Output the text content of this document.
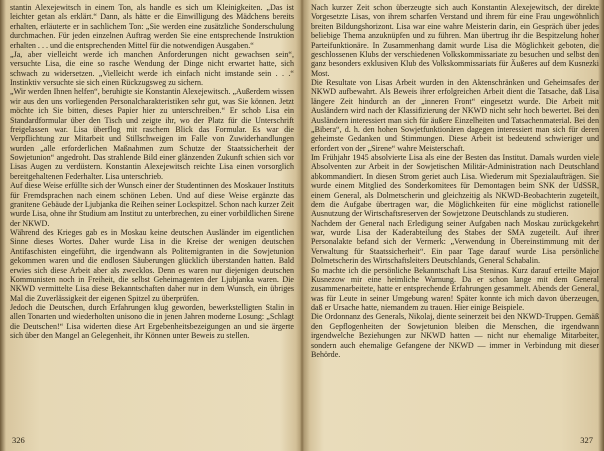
stantin Alexejewitsch in einem Ton, als handle es sich um Kleinigkeiten. „Das ist leichter getan als erklärt.“ Dann, als hätte er die Einwilligung des Mädchens bereits erhalten, erläuterte er in sachlichem Ton: „Sie werden eine zusätzliche Sonderschulung durchmachen. Für jeden einzelnen Auftrag werden Sie eine entsprechende Instruktion erhalten . . . und die entsprechenden Mittel für die notwendigen Ausgaben.“

„Ja, aber vielleicht werde ich manchen Anforderungen nicht gewachsen sein“, versuchte Lisa, die eine so rasche Wendung der Dinge nicht erwartet hatte, sich schwach zu widersetzen. „Vielleicht werde ich einfach nicht imstande sein . . .“ Instinktiv versuchte sie sich einen Rückzugsweg zu sichern.

„Wir werden Ihnen helfen“, beruhigte sie Konstantin Alexejewitsch. „Außerdem wissen wir aus den uns vorliegenden Personalcharakteristiken sehr gut, was Sie können. Jetzt möchte ich Sie bitten, dieses Papier hier zu unterschreiben.“ Er schob Lisa ein Standardformular über den Tisch und zeigte ihr, wo der Platz für die Unterschrift freigelassen war. Lisa überflog mit raschem Blick das Formular. Es war die Verpflichtung zur Mitarbeit und Stillschweigen im Falle von Zuwiderhandlungen wurden „alle erforderlichen Maßnahmen zum Schutze der Staatssicherheit der Sowjetunion“ angedroht. Das strahlende Bild einer glänzenden Zukunft schien sich vor Lisas Augen zu verdüstern. Konstantin Alexejewitsch reichte Lisa einen vorsorglich bereitgehaltenen Federhalter. Lisa unterschrieb.

Auf diese Weise erfüllte sich der Wunsch einer der Studentinnen des Moskauer Instituts für Fremdsprachen nach einem schönen Leben. Und auf diese Weise ergänzte das granitene Gebäude der Ljubjanka die Reihen seiner Lockspitzel. Schon nach kurzer Zeit wurde Lisa, ohne ihr Studium am Institut zu unterbrechen, zu einer vorbildlichen Sirene der NKWD.

Während des Krieges gab es in Moskau keine deutschen Ausländer im eigentlichen Sinne dieses Wortes. Daher wurde Lisa in die Kreise der wenigen deutschen Antifaschisten eingeführt, die irgendwann als Politemigranten in die Sowjetunion gekommen waren und die endlosen Säuberungen glücklich überstanden hatten. Bald erwies sich diese Arbeit aber als zwecklos. Denn es waren nur diejenigen deutschen Kommunisten noch in Freiheit, die selbst Geheimagenten der Ljubjanka waren. Die NKWD vermittelte Lisa diese Bekanntschaften daher nur in dem Wunsch, ein übriges Mal die Zuverlässigkeit der eigenen Spitzel zu überprüfen.

Jedoch die Deutschen, durch Erfahrungen klug geworden, bewerkstelligten Stalin in allen Tonarten und wiederholten unisono die in jenen Jahren moderne Losung: „Schlagt die Deutschen!“ Lisa widerten diese Art Ergebenheitsbezeigungen an und sie ärgerte sich über den Mangel an Gelegenheit, ihr Können unter Beweis zu stellen.

326

Nach kurzer Zeit schon überzeugte sich auch Konstantin Alexejewitsch, der direkte Vorgesetzte Lisas, von ihrem scharfen Verstand und ihrem für eine Frau ungewöhnlich breiten Bildungshorizont. Lisa war eine wahre Meisterin darin, ein Gespräch über jedes beliebige Thema anzuknüpfen und zu führen. Man übertrug ihr die Bespitzelung hoher Parteifunktionäre. In Zusammenhang damit wurde Lisa die Möglichkeit geboten, die geschlossenen Klubs der verschiedenen Volkskommissariate zu besuchen und selbst den ganz besonders exklusiven Klub des Volkskommissariats für Äußeres auf dem Kusnezki Most.

Die Resultate von Lisas Arbeit wurden in den Aktenschränken und Geheimsafes der NKWD aufbewahrt. Als Beweis ihrer erfolgreichen Arbeit dient die Tatsache, daß Lisa längere Zeit hindurch an der „inneren Front“ eingesetzt wurde. Die Arbeit mit Ausländern wird nach der Klassifizierung der NKWD nicht sehr hoch bewertet. Bei den Ausländern interessiert man sich für äußere Einzelheiten und Tatsachenmaterial. Bei den „Bibera“, d. h. den hohen Sowjetfunktionären dagegen interessiert man sich für deren geheimste Gedanken und Stimmungen. Diese Arbeit ist bedeutend schwieriger und erfordert von der „Sirene“ wahre Meisterschaft.

Im Frühjahr 1945 absolvierte Lisa als eine der Besten das Institut. Damals wurden viele Absolventen zur Arbeit in der Sowjetischen Militär-Administration nach Deutschland abkommandiert. In diesen Strom geriet auch Lisa. Wiederum mit Spezialaufträgen. Sie wurde einem Mitglied des Sonderkomitees für Demontagen beim SNK der UdSSR, einem General, als Dolmetscherin und gleichzeitig als NKWD-Beobachterin zugeteilt, dem die Aufgabe übertragen war, die Möglichkeiten für eine möglichst rationelle Ausnutzung der Wirtschaftsreserven der Sowjetzone Deutschlands zu studieren.

Nachdem der General nach Erledigung seiner Aufgaben nach Moskau zurückgekehrt war, wurde Lisa der Kaderabteilung des Stabes der SMA zugeteilt. Auf ihrer Personalakte befand sich der Vermerk: „Verwendung in Übereinstimmung mit der Verwaltung für Staatssicherheit“. Ein paar Tage darauf wurde Lisa persönliche Dolmetscherin des Wirtschaftsleiters Deutschlands, General Schabalin.

So machte ich die persönliche Bekanntschaft Lisa Steninas. Kurz darauf erteilte Major Kusnezow mir eine heimliche Warnung. Da er schon lange mit dem General zusammenarbeitete, hatte er entsprechende Erfahrungen gesammelt. Abends der General, was für Leute in seiner Umgebung waren! Später konnte ich mich davon überzeugen, daß er Ursache hatte, niemandem zu trauen. Hier einige Beispiele.

Die Ordonnanz des Generals, Nikolaj, diente seinerzeit bei den NKWD-Truppen. Gemäß den Gepflogenheiten der Sowjetunion bleiben die Menschen, die irgendwann irgendwelche Beziehungen zur NKWD hatten — nicht nur ehemalige Mitarbeiter, sondern auch ehemalige Gefangene der NKWD — immer in Verbindung mit dieser Behörde.

327
